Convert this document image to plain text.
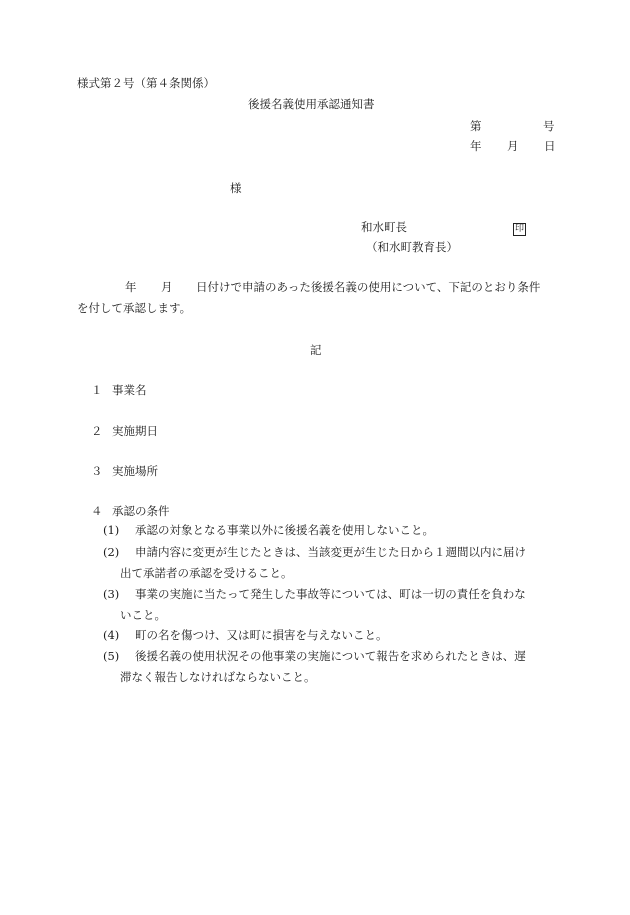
様式第２号（第４条関係）
後援名義使用承認通知書
第	号
年 月 日
様
和水町長	印
（和水町教育長）
年 月 日付けで申請のあった後援名義の使用について、下記のとおり条件
を付して承認します。
記
１ 事業名
２ 実施期日
３ 実施場所
４ 承認の条件
(1) 承認の対象となる事業以外に後援名義を使用しないこと。
(2) 申請内容に変更が生じたときは、当該変更が生じた日から１週間以内に届け
出て承諾者の承認を受けること。
(3) 事業の実施に当たって発生した事故等については、町は一切の責任を負わな
いこと。
(4) 町の名を傷つけ、又は町に損害を与えないこと。
(5) 後援名義の使用状況その他事業の実施について報告を求められたときは、遅
滞なく報告しなければならないこと。
